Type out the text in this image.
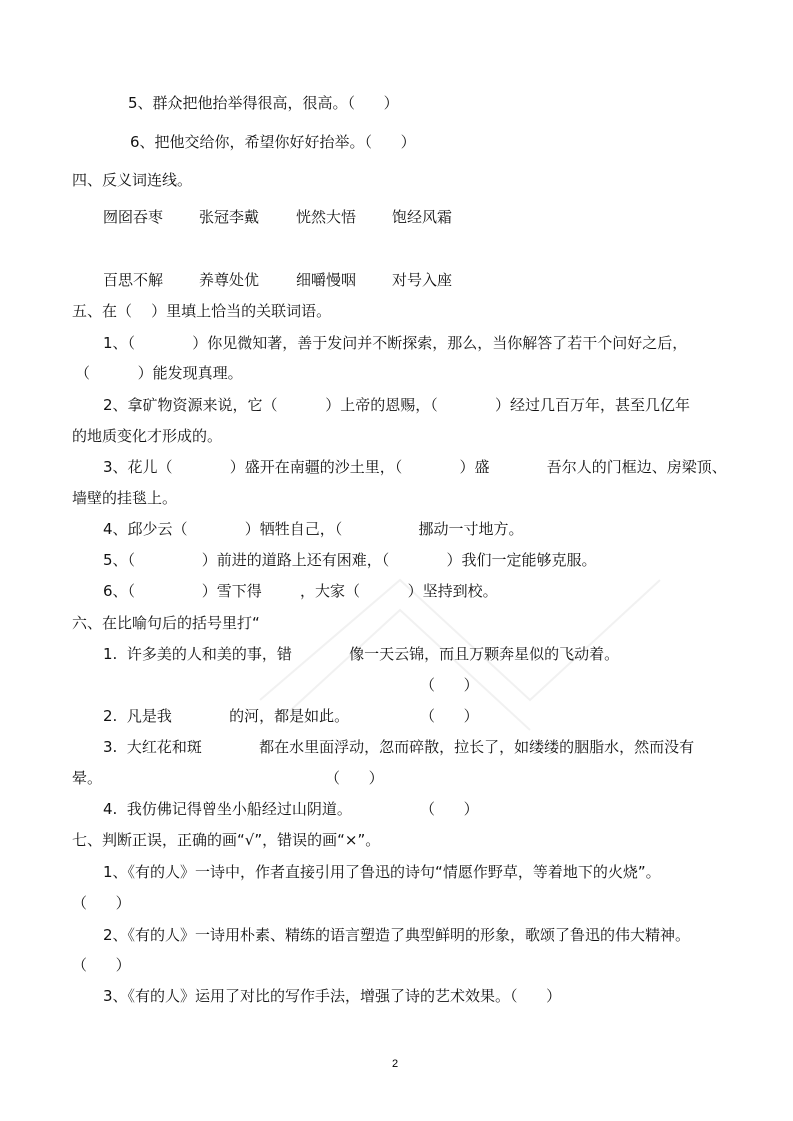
5、群众把他抬举得很高，很高。（      ）
6、把他交给你，希望你好好抬举。（      ）
四、反义词连线。
囫囵吞枣 张冠李戴 恍然大悟 饱经风霜
百思不解 养尊处优 细嚼慢咽 对号入座
五、在（    ）里填上恰当的关联词语。
1、（            ）你见微知著，善于发问并不断探索，那么，当你解答了若干个问好之后，
（          ）能发现真理。
2、拿矿物资源来说，它（          ）上帝的恩赐，（            ）经过几百万年，甚至几亿年
的地质变化才形成的。
3、花儿（            ）盛开在南疆的沙土里，（            ）盛            吾尔人的门框边、房梁顶、
墙壁的挂毯上。
4、邱少云（            ）牺牲自己，（                挪动一寸地方。
5、（              ）前进的道路上还有困难，（            ）我们一定能够克服。
6、（              ）雪下得        ，大家（          ）坚持到校。
六、在比喻句后的括号里打“
1.  许多美的人和美的事，错            像一天云锦，而且万颗奔星似的飞动着。
（      ）
2.  凡是我            的河，都是如此。	（      ）
3.  大红花和斑            都在水里面浮动，忽而碎散，拉长了，如缕缕的胭脂水，然而没有
晕。	（      ）
4.  我仿佛记得曾坐小船经过山阴道。	（      ）
七、判断正误，正确的画“√”，错误的画“×”。
1、《有的人》一诗中，作者直接引用了鲁迅的诗句“情愿作野草，等着地下的火烧”。
（      ）
2、《有的人》一诗用朴素、精练的语言塑造了典型鲜明的形象，歌颂了鲁迅的伟大精神。
（      ）
3、《有的人》运用了对比的写作手法，增强了诗的艺术效果。（      ）
2
